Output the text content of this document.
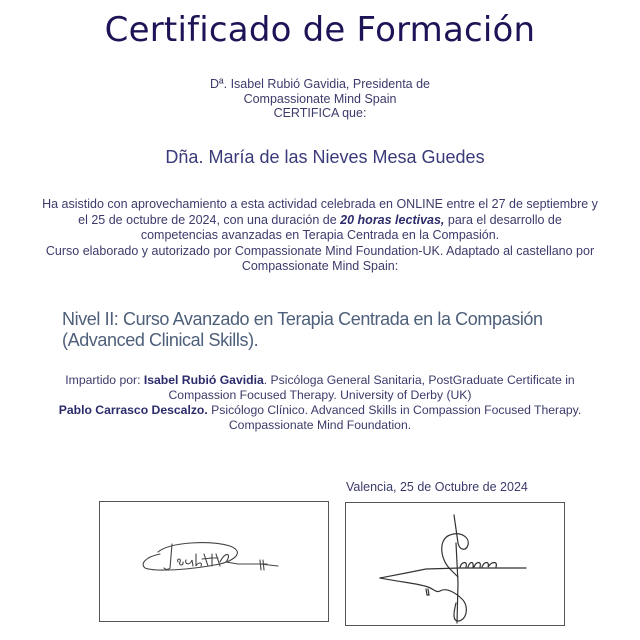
Certificado de Formación
Dª. Isabel Rubió Gavidia, Presidenta de
Compassionate Mind Spain
CERTIFICA que:
Dña. María de las Nieves Mesa Guedes
Ha asistido con aprovechamiento a esta actividad celebrada en ONLINE entre el 27 de septiembre y el 25 de octubre de 2024, con una duración de 20 horas lectivas, para el desarrollo de competencias avanzadas en Terapia Centrada en la Compasión.
Curso elaborado y autorizado por Compassionate Mind Foundation-UK. Adaptado al castellano por Compassionate Mind Spain:
Nivel II: Curso Avanzado en Terapia Centrada en la Compasión
(Advanced Clinical Skills).
Impartido por: Isabel Rubió Gavidia. Psicóloga General Sanitaria, PostGraduate Certificate in Compassion Focused Therapy. University of Derby (UK)
Pablo Carrasco Descalzo. Psicólogo Clínico. Advanced Skills in Compassion Focused Therapy. Compassionate Mind Foundation.
Valencia, 25 de Octubre de 2024
